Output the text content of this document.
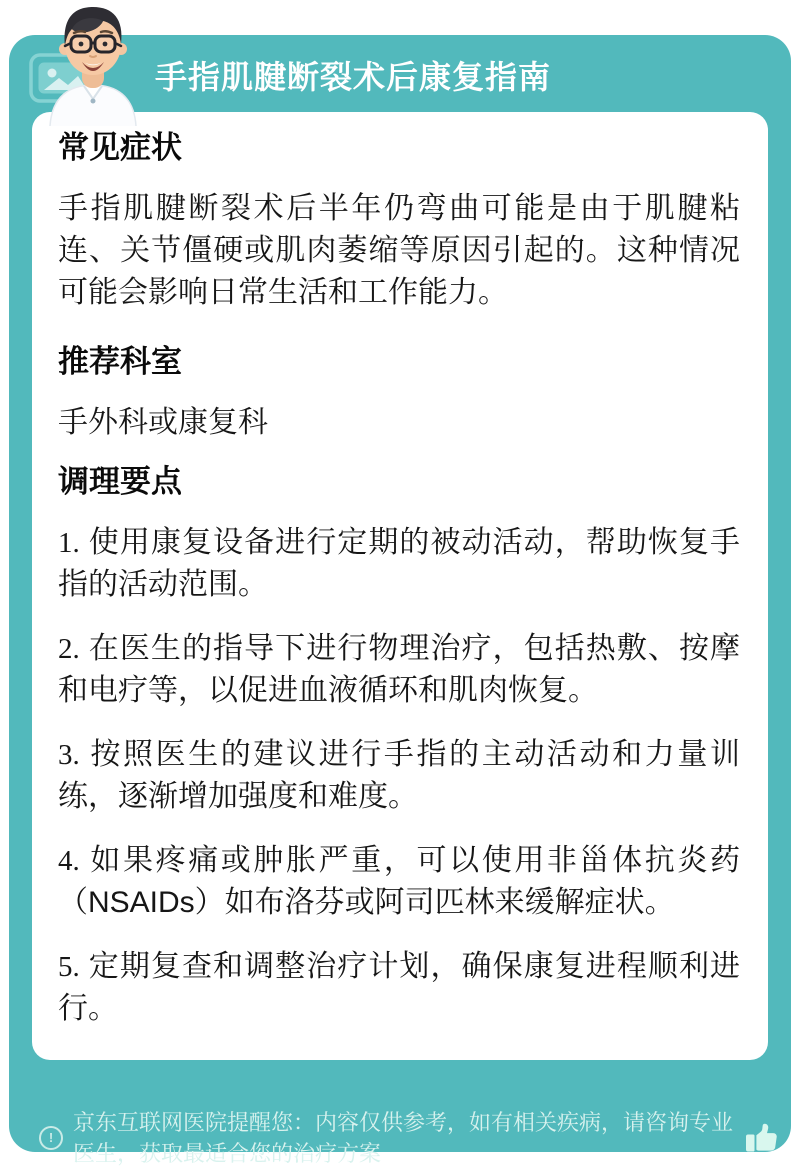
手指肌腱断裂术后康复指南
常见症状

手指肌腱断裂术后半年仍弯曲可能是由于肌腱粘连、关节僵硬或肌肉萎缩等原因引起的。这种情况可能会影响日常生活和工作能力。

推荐科室

手外科或康复科

调理要点

1. 使用康复设备进行定期的被动活动，帮助恢复手指的活动范围。

2. 在医生的指导下进行物理治疗，包括热敷、按摩和电疗等，以促进血液循环和肌肉恢复。

3. 按照医生的建议进行手指的主动活动和力量训练，逐渐增加强度和难度。

4. 如果疼痛或肿胀严重，可以使用非甾体抗炎药（NSAIDs）如布洛芬或阿司匹林来缓解症状。

5. 定期复查和调整治疗计划，确保康复进程顺利进行。

!
京东互联网医院提醒您：内容仅供参考，如有相关疾病，请咨询专业医生，获取最适合您的治疗方案
